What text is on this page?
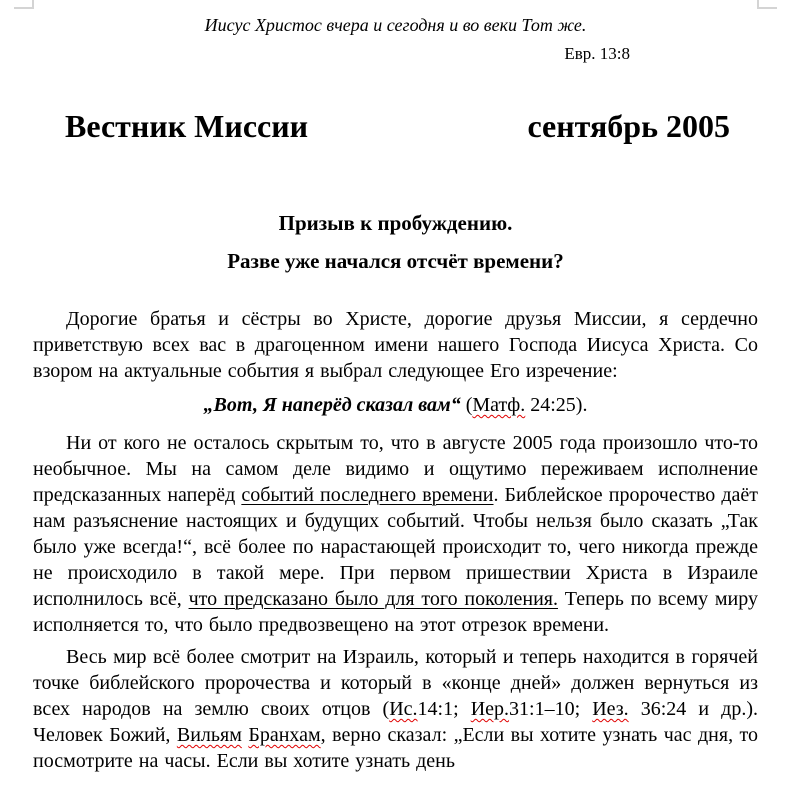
Иисус Христос вчера и сегодня и во веки Тот же.
Евр. 13:8
Вестник Миссии	сентябрь 2005
Призыв к пробуждению.
Разве уже начался отсчёт времени?

Дорогие братья и сёстры во Христе, дорогие друзья Миссии, я сердечно приветствую всех вас в драгоценном имени нашего Господа Иисуса Христа. Со взором на актуальные события я выбрал следующее Его изречение:

„Вот, Я наперёд сказал вам“ (Матф. 24:25).

Ни от кого не осталось скрытым то, что в августе 2005 года произошло что-то необычное. Мы на самом деле видимо и ощутимо переживаем исполнение предсказанных наперёд событий последнего времени. Библейское пророчество даёт нам разъяснение настоящих и будущих событий. Чтобы нельзя было сказать „Так было уже всегда!“, всё более по нарастающей происходит то, чего никогда прежде не происходило в такой мере. При первом пришествии Христа в Израиле исполнилось всё, что предсказано было для того поколения. Теперь по всему миру исполняется то, что было предвозвещено на этот отрезок времени.

Весь мир всё более смотрит на Израиль, который и теперь находится в горячей точке библейского пророчества и который в «конце дней» должен вернуться из всех народов на землю своих отцов (Ис.14:1; Иер.31:1–10; Иез. 36:24 и др.). Человек Божий, Вильям Бранхам, верно сказал: „Если вы хотите узнать час дня, то посмотрите на часы. Если вы хотите узнать день
